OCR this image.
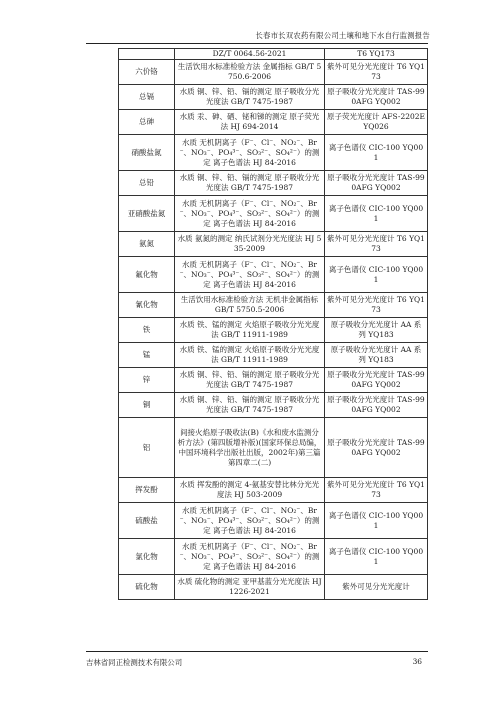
长春市长双农药有限公司土壤和地下水自行监测报告
	DZ/T 0064.56-2021	T6 YQ173
六价铬	生活饮用水标准检验方法 金属指标 GB/T 5750.6-2006	紫外可见分光光度计 T6 YQ173
总镉	水质 铜、锌、铅、镉的测定 原子吸收分光光度法 GB/T 7475-1987	原子吸收分光光度计 TAS-990AFG YQ002
总砷	水质 汞、砷、硒、铋和锑的测定 原子荧光法 HJ 694-2014	原子荧光光度计 AFS-2202E YQ026
硝酸盐氮	水质 无机阴离子（F⁻、Cl⁻、NO₂⁻、Br⁻、NO₃⁻、PO₄³⁻、SO₃²⁻、SO₄²⁻）的测定 离子色谱法 HJ 84-2016	离子色谱仪 CIC-100 YQ001
总铅	水质 铜、锌、铅、镉的测定 原子吸收分光光度法 GB/T 7475-1987	原子吸收分光光度计 TAS-990AFG YQ002
亚硝酸盐氮	水质 无机阴离子（F⁻、Cl⁻、NO₂⁻、Br⁻、NO₃⁻、PO₄³⁻、SO₃²⁻、SO₄²⁻）的测定 离子色谱法 HJ 84-2016	离子色谱仪 CIC-100 YQ001
氨氮	水质 氨氮的测定 纳氏试剂分光光度法 HJ 535-2009	紫外可见分光光度计 T6 YQ173
氟化物	水质 无机阴离子（F⁻、Cl⁻、NO₂⁻、Br⁻、NO₃⁻、PO₄³⁻、SO₃²⁻、SO₄²⁻）的测定 离子色谱法 HJ 84-2016	离子色谱仪 CIC-100 YQ001
氰化物	生活饮用水标准检验方法 无机非金属指标 GB/T 5750.5-2006	紫外可见分光光度计 T6 YQ173
铁	水质 铁、锰的测定 火焰原子吸收分光光度法 GB/T 11911-1989	原子吸收分光光度计 AA 系列 YQ183
锰	水质 铁、锰的测定 火焰原子吸收分光光度法 GB/T 11911-1989	原子吸收分光光度计 AA 系列 YQ183
锌	水质 铜、锌、铅、镉的测定 原子吸收分光光度法 GB/T 7475-1987	原子吸收分光光度计 TAS-990AFG YQ002
铜	水质 铜、锌、铅、镉的测定 原子吸收分光光度法 GB/T 7475-1987	原子吸收分光光度计 TAS-990AFG YQ002
铝	间接火焰原子吸收法(B)《水和废水监测分析方法》(第四版增补版)(国家环保总局编，中国环境科学出版社出版，2002年)第三篇第四章二(二)	原子吸收分光光度计 TAS-990AFG YQ002
挥发酚	水质 挥发酚的测定 4-氨基安替比林分光光度法 HJ 503-2009	紫外可见分光光度计 T6 YQ173
硫酸盐	水质 无机阴离子（F⁻、Cl⁻、NO₂⁻、Br⁻、NO₃⁻、PO₄³⁻、SO₃²⁻、SO₄²⁻）的测定 离子色谱法 HJ 84-2016	离子色谱仪 CIC-100 YQ001
氯化物	水质 无机阴离子（F⁻、Cl⁻、NO₂⁻、Br⁻、NO₃⁻、PO₄³⁻、SO₃²⁻、SO₄²⁻）的测定 离子色谱法 HJ 84-2016	离子色谱仪 CIC-100 YQ001
硫化物	水质 硫化物的测定 亚甲基蓝分光光度法 HJ 1226-2021	紫外可见分光光度计
吉林省同正检测技术有限公司	36
